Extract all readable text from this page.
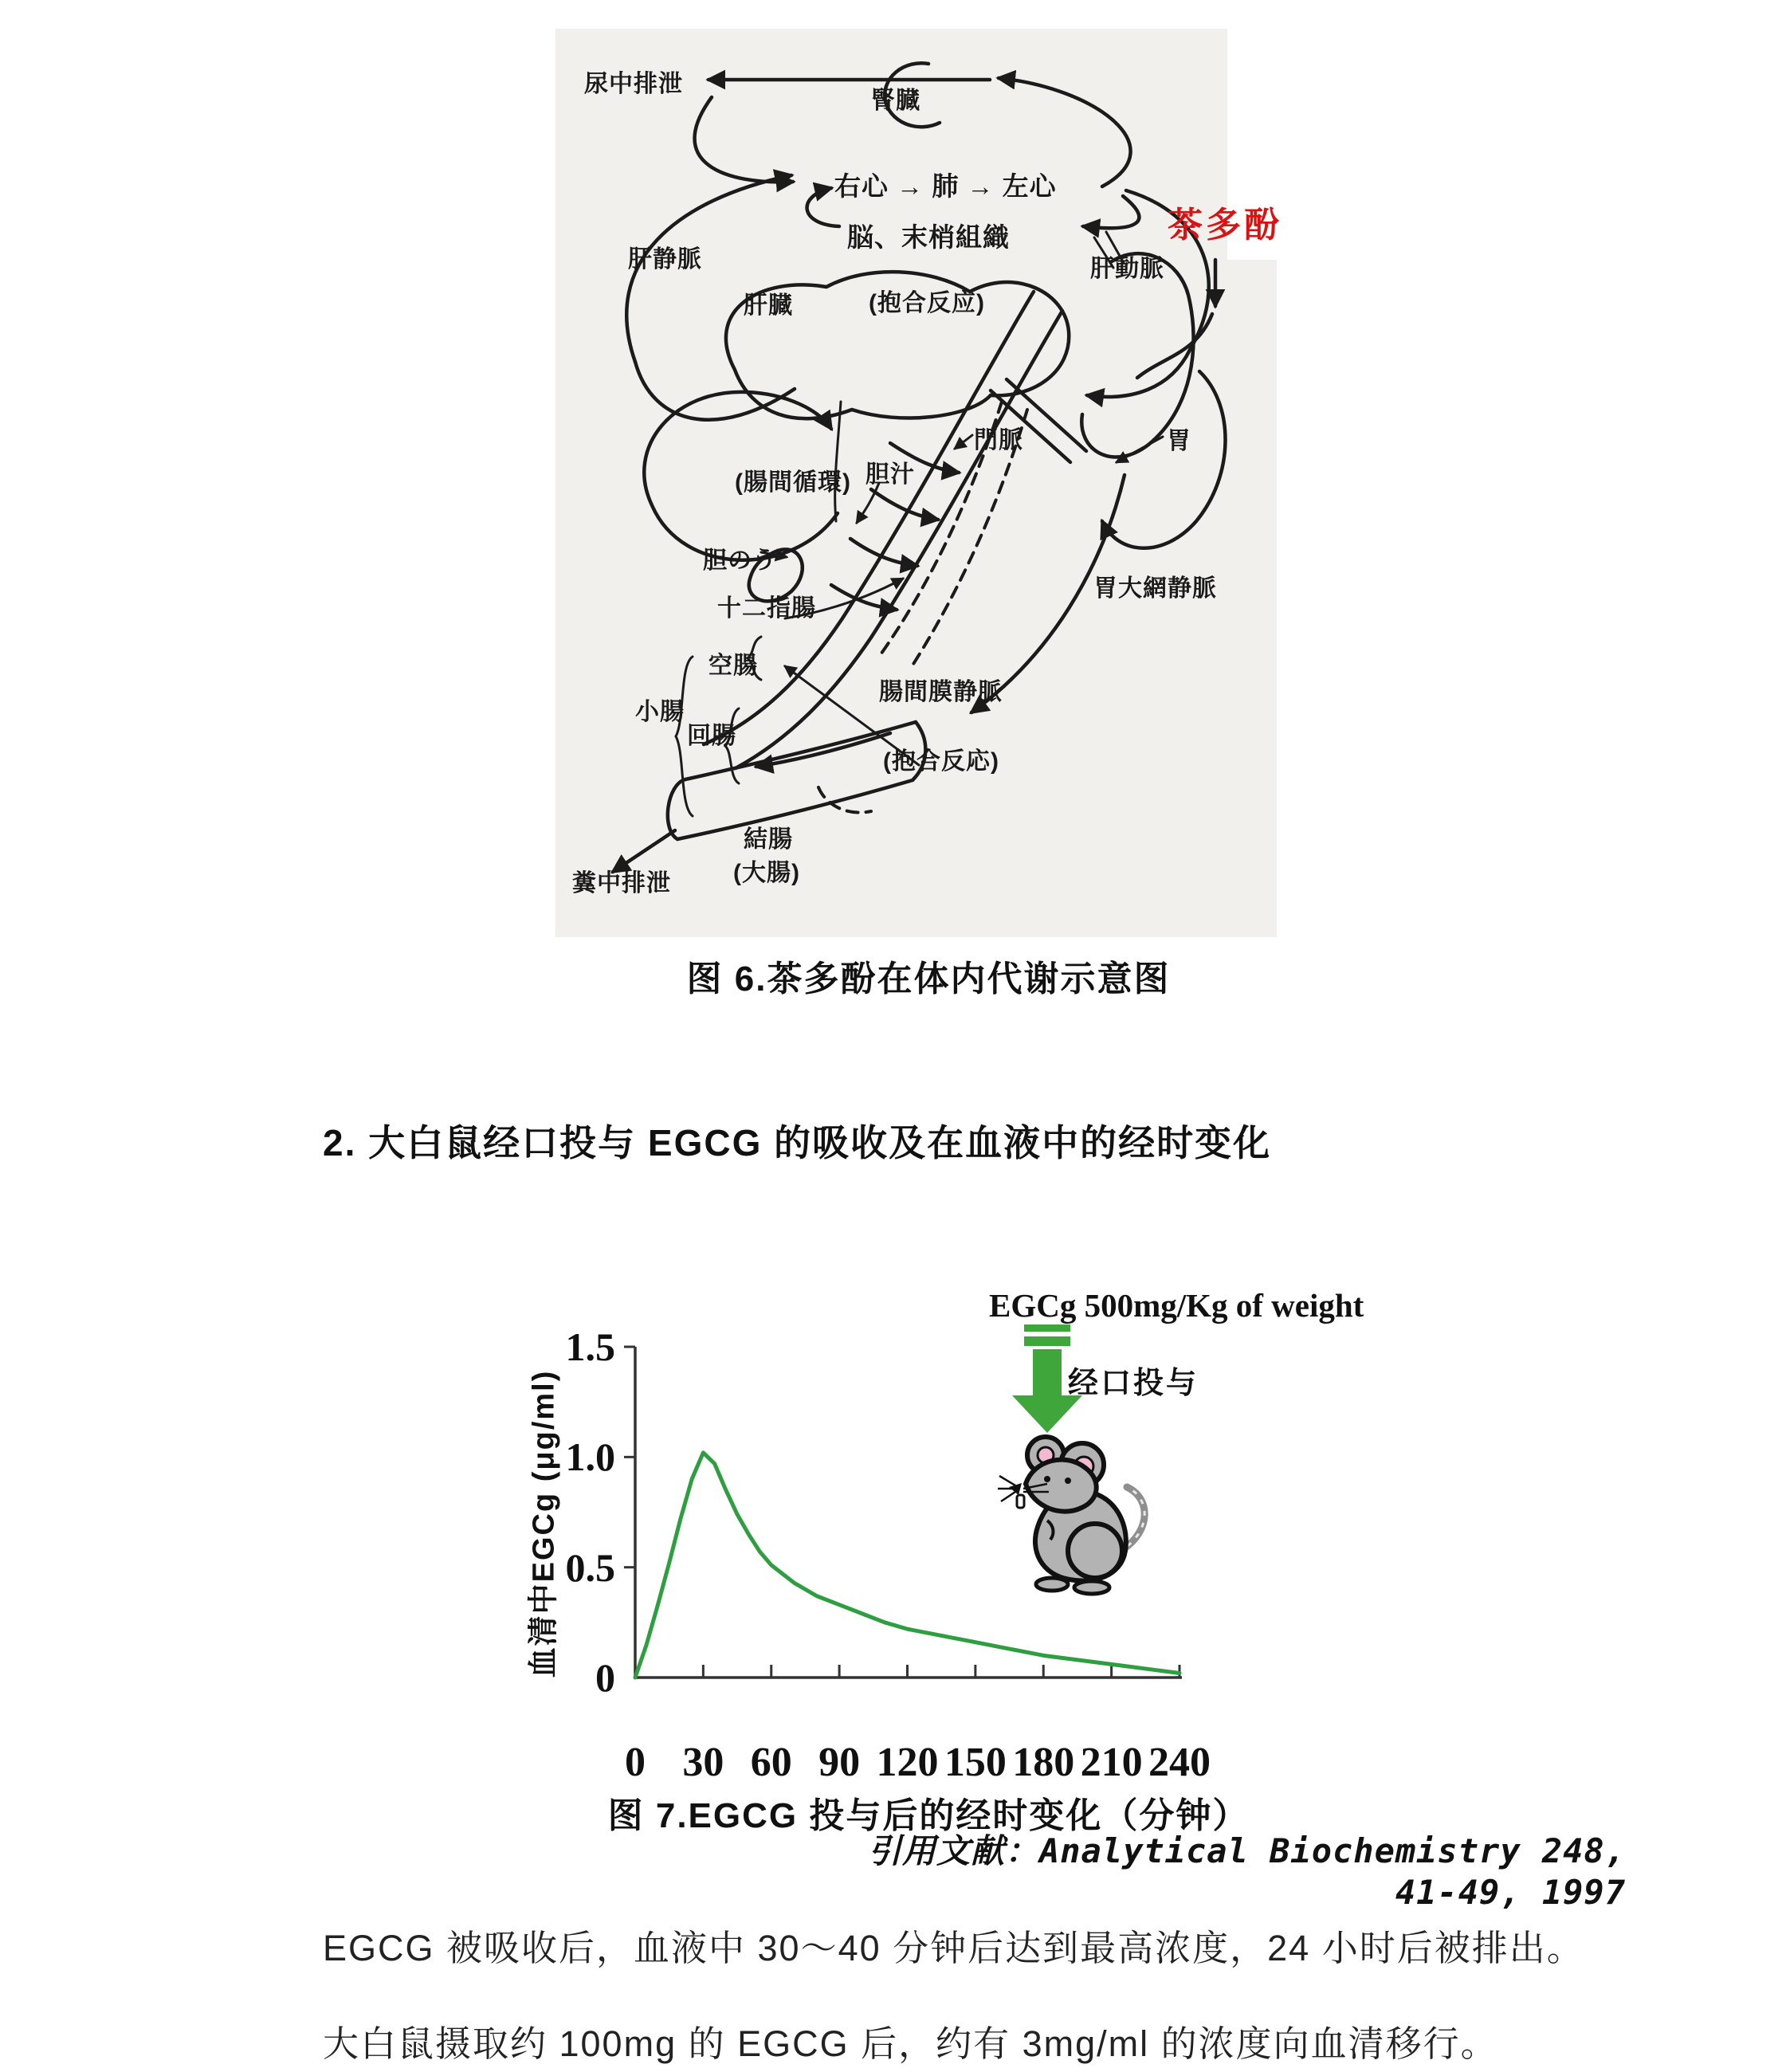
尿中排泄
腎臓
右心 → 肺 → 左心
脳、末梢組織
肝静脈	肝動脈
肝臓	(抱合反应)
門脈	胃
胆汁
(腸間循環)
胆のう
十二指腸
胃大網静脈
空腸
小腸
回腸
腸間膜静脈
(抱合反応)
結腸
(大腸)
糞中排泄
茶多酚
图 6.茶多酚在体内代谢示意图
2. 大白鼠经口投与 EGCG 的吸收及在血液中的经时变化
血清中EGCg (μg/ml)
EGCg 500mg/Kg of weight
经口投与
0 30 60 90 120 150 180 210 240
0
0.5
1.0
1.5
图 7.EGCG 投与后的经时变化（分钟）
引用文献：Analytical Biochemistry 248, 41-49, 1997
EGCG 被吸收后，血液中 30～40 分钟后达到最高浓度，24 小时后被排出。
大白鼠摄取约 100mg 的 EGCG 后，约有 3mg/ml 的浓度向血清移行。
